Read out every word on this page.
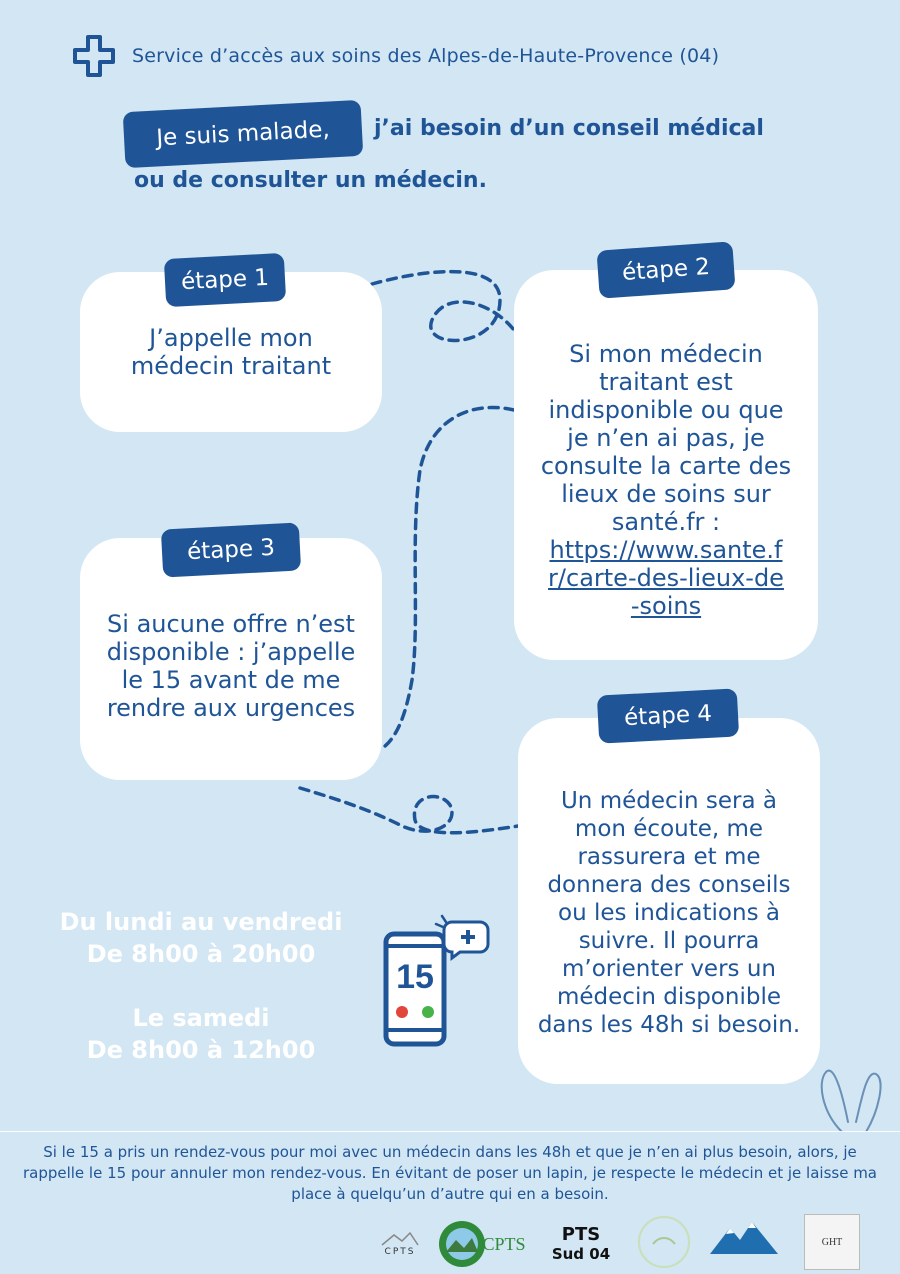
Service d’accès aux soins des Alpes-de-Haute-Provence (04)
Je suis malade,	j’ai besoin d’un conseil médical
ou de consulter un médecin.
J’appelle mon médecin traitant
étape 1
Si mon médecin traitant est indisponible ou que je n’en ai pas, je consulte la carte des lieux de soins sur santé.fr : https://www.sante.fr/carte-des-lieux-de-soins
étape 2
Si aucune offre n’est disponible : j’appelle le 15 avant de me rendre aux urgences
étape 3
Un médecin sera à mon écoute, me rassurera et me donnera des conseils ou les indications à suivre. Il pourra m’orienter vers un médecin disponible dans les 48h si besoin.
étape 4
Du lundi au vendredi
De 8h00 à 20h00
Le samedi
De 8h00 à 12h00
15
Si le 15 a pris un rendez-vous pour moi avec un médecin dans les 48h et que je n’en ai plus besoin, alors, je rappelle le 15 pour annuler mon rendez-vous. En évitant de poser un lapin, je respecte le médecin et je laisse ma place à quelqu’un d’autre qui en a besoin.
CPTS	CPTS PTS
Sud 04
GHT
